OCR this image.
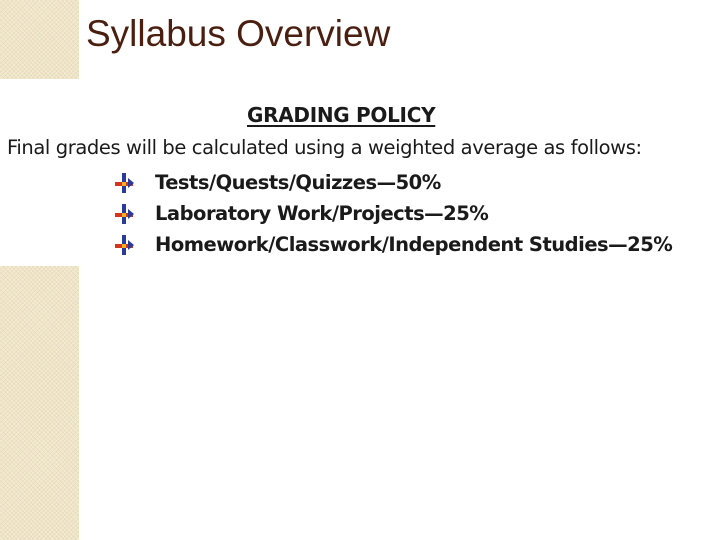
Syllabus Overview
GRADING POLICY
Final grades will be calculated using a weighted average as follows:
Tests/Quests/Quizzes—50%
Laboratory Work/Projects—25%
Homework/Classwork/Independent Studies—25%
